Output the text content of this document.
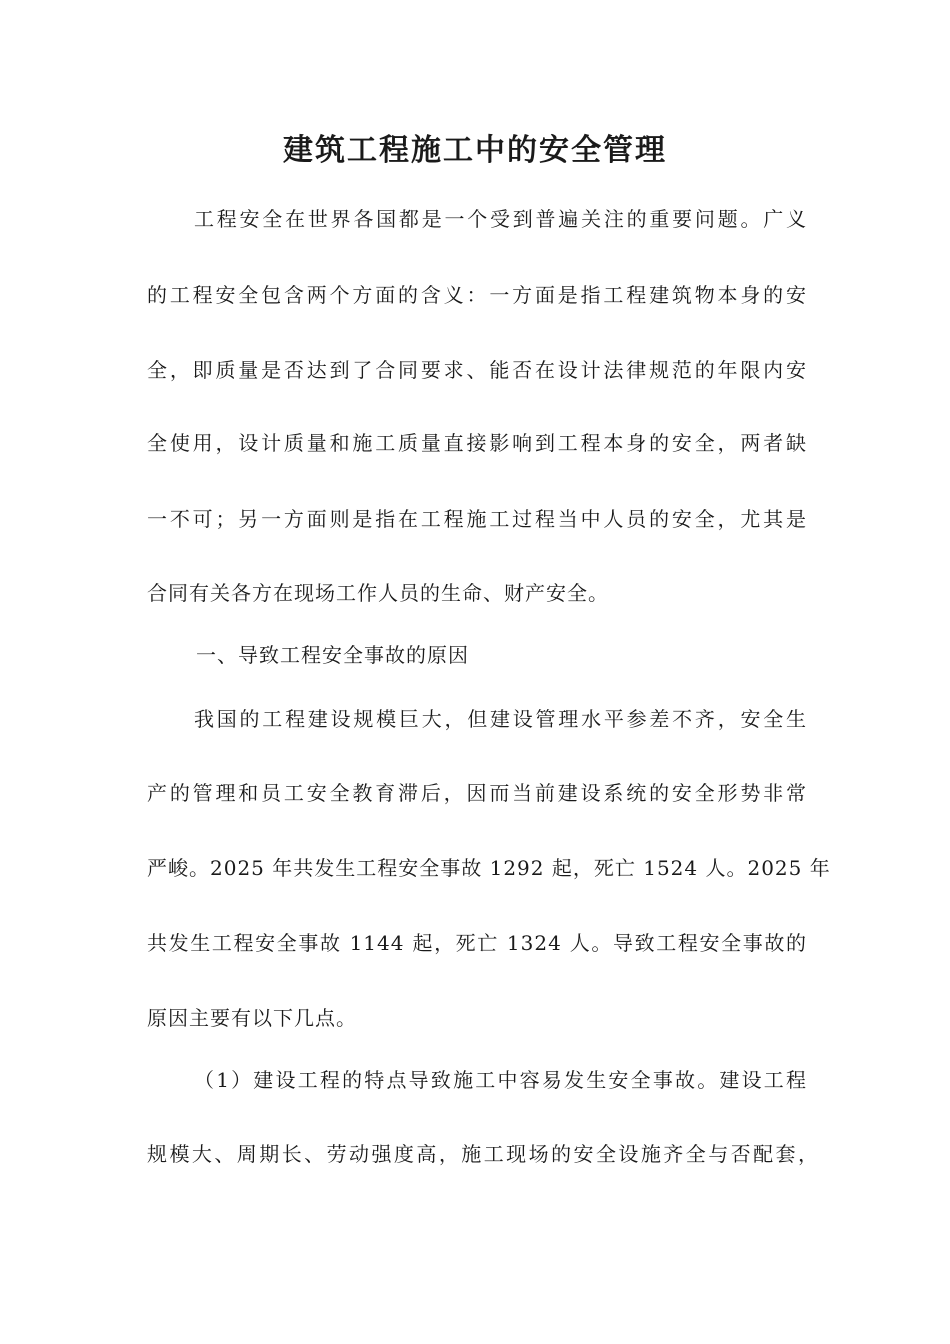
建筑工程施工中的安全管理

工程安全在世界各国都是一个受到普遍关注的重要问题。广义

的工程安全包含两个方面的含义：一方面是指工程建筑物本身的安

全，即质量是否达到了合同要求、能否在设计法律规范的年限内安

全使用，设计质量和施工质量直接影响到工程本身的安全，两者缺

一不可；另一方面则是指在工程施工过程当中人员的安全，尤其是

合同有关各方在现场工作人员的生命、财产安全。

一、导致工程安全事故的原因

我国的工程建设规模巨大，但建设管理水平参差不齐，安全生

产的管理和员工安全教育滞后，因而当前建设系统的安全形势非常

严峻。2025 年共发生工程安全事故 1292 起，死亡 1524 人。2025 年

共发生工程安全事故 1144 起，死亡 1324 人。导致工程安全事故的

原因主要有以下几点。

（1）建设工程的特点导致施工中容易发生安全事故。建设工程

规模大、周期长、劳动强度高，施工现场的安全设施齐全与否配套，
